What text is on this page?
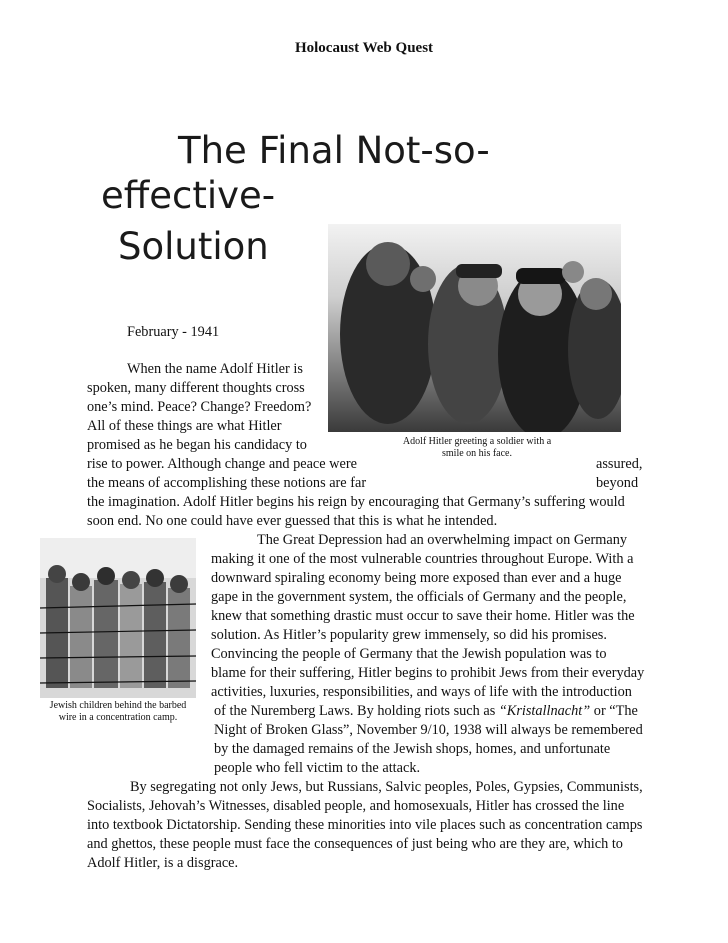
Holocaust Web Quest
The Final Not-so-
effective-
Solution
Adolf Hitler greeting a soldier with a
smile on his face.
Jewish children behind the barbed
wire in a concentration camp.
February - 1941
When the name Adolf Hitler is
spoken, many different thoughts cross
one’s mind. Peace? Change? Freedom?
All of these things are what Hitler
promised as he began his candidacy to
rise to power. Although change and peace were	assured,
the means of accomplishing these notions are far	beyond
the imagination. Adolf Hitler begins his reign by encouraging that Germany’s suffering would
soon end. No one could have ever guessed that this is what he intended.
The Great Depression had an overwhelming impact on Germany
making it one of the most vulnerable countries throughout Europe. With a
downward spiraling economy being more exposed than ever and a huge
gape in the government system, the officials of Germany and the people,
knew that something drastic must occur to save their home. Hitler was the
solution. As Hitler’s popularity grew immensely, so did his promises.
Convincing the people of Germany that the Jewish population was to
blame for their suffering, Hitler begins to prohibit Jews from their everyday
activities, luxuries, responsibilities, and ways of life with the introduction
of the Nuremberg Laws. By holding riots such as “Kristallnacht” or “The
Night of Broken Glass”, November 9/10, 1938 will always be remembered
by the damaged remains of the Jewish shops, homes, and unfortunate
people who fell victim to the attack.
By segregating not only Jews, but Russians, Salvic peoples, Poles, Gypsies, Communists,
Socialists, Jehovah’s Witnesses, disabled people, and homosexuals, Hitler has crossed the line
into textbook Dictatorship. Sending these minorities into vile places such as concentration camps
and ghettos, these people must face the consequences of just being who are they are, which to
Adolf Hitler, is a disgrace.
